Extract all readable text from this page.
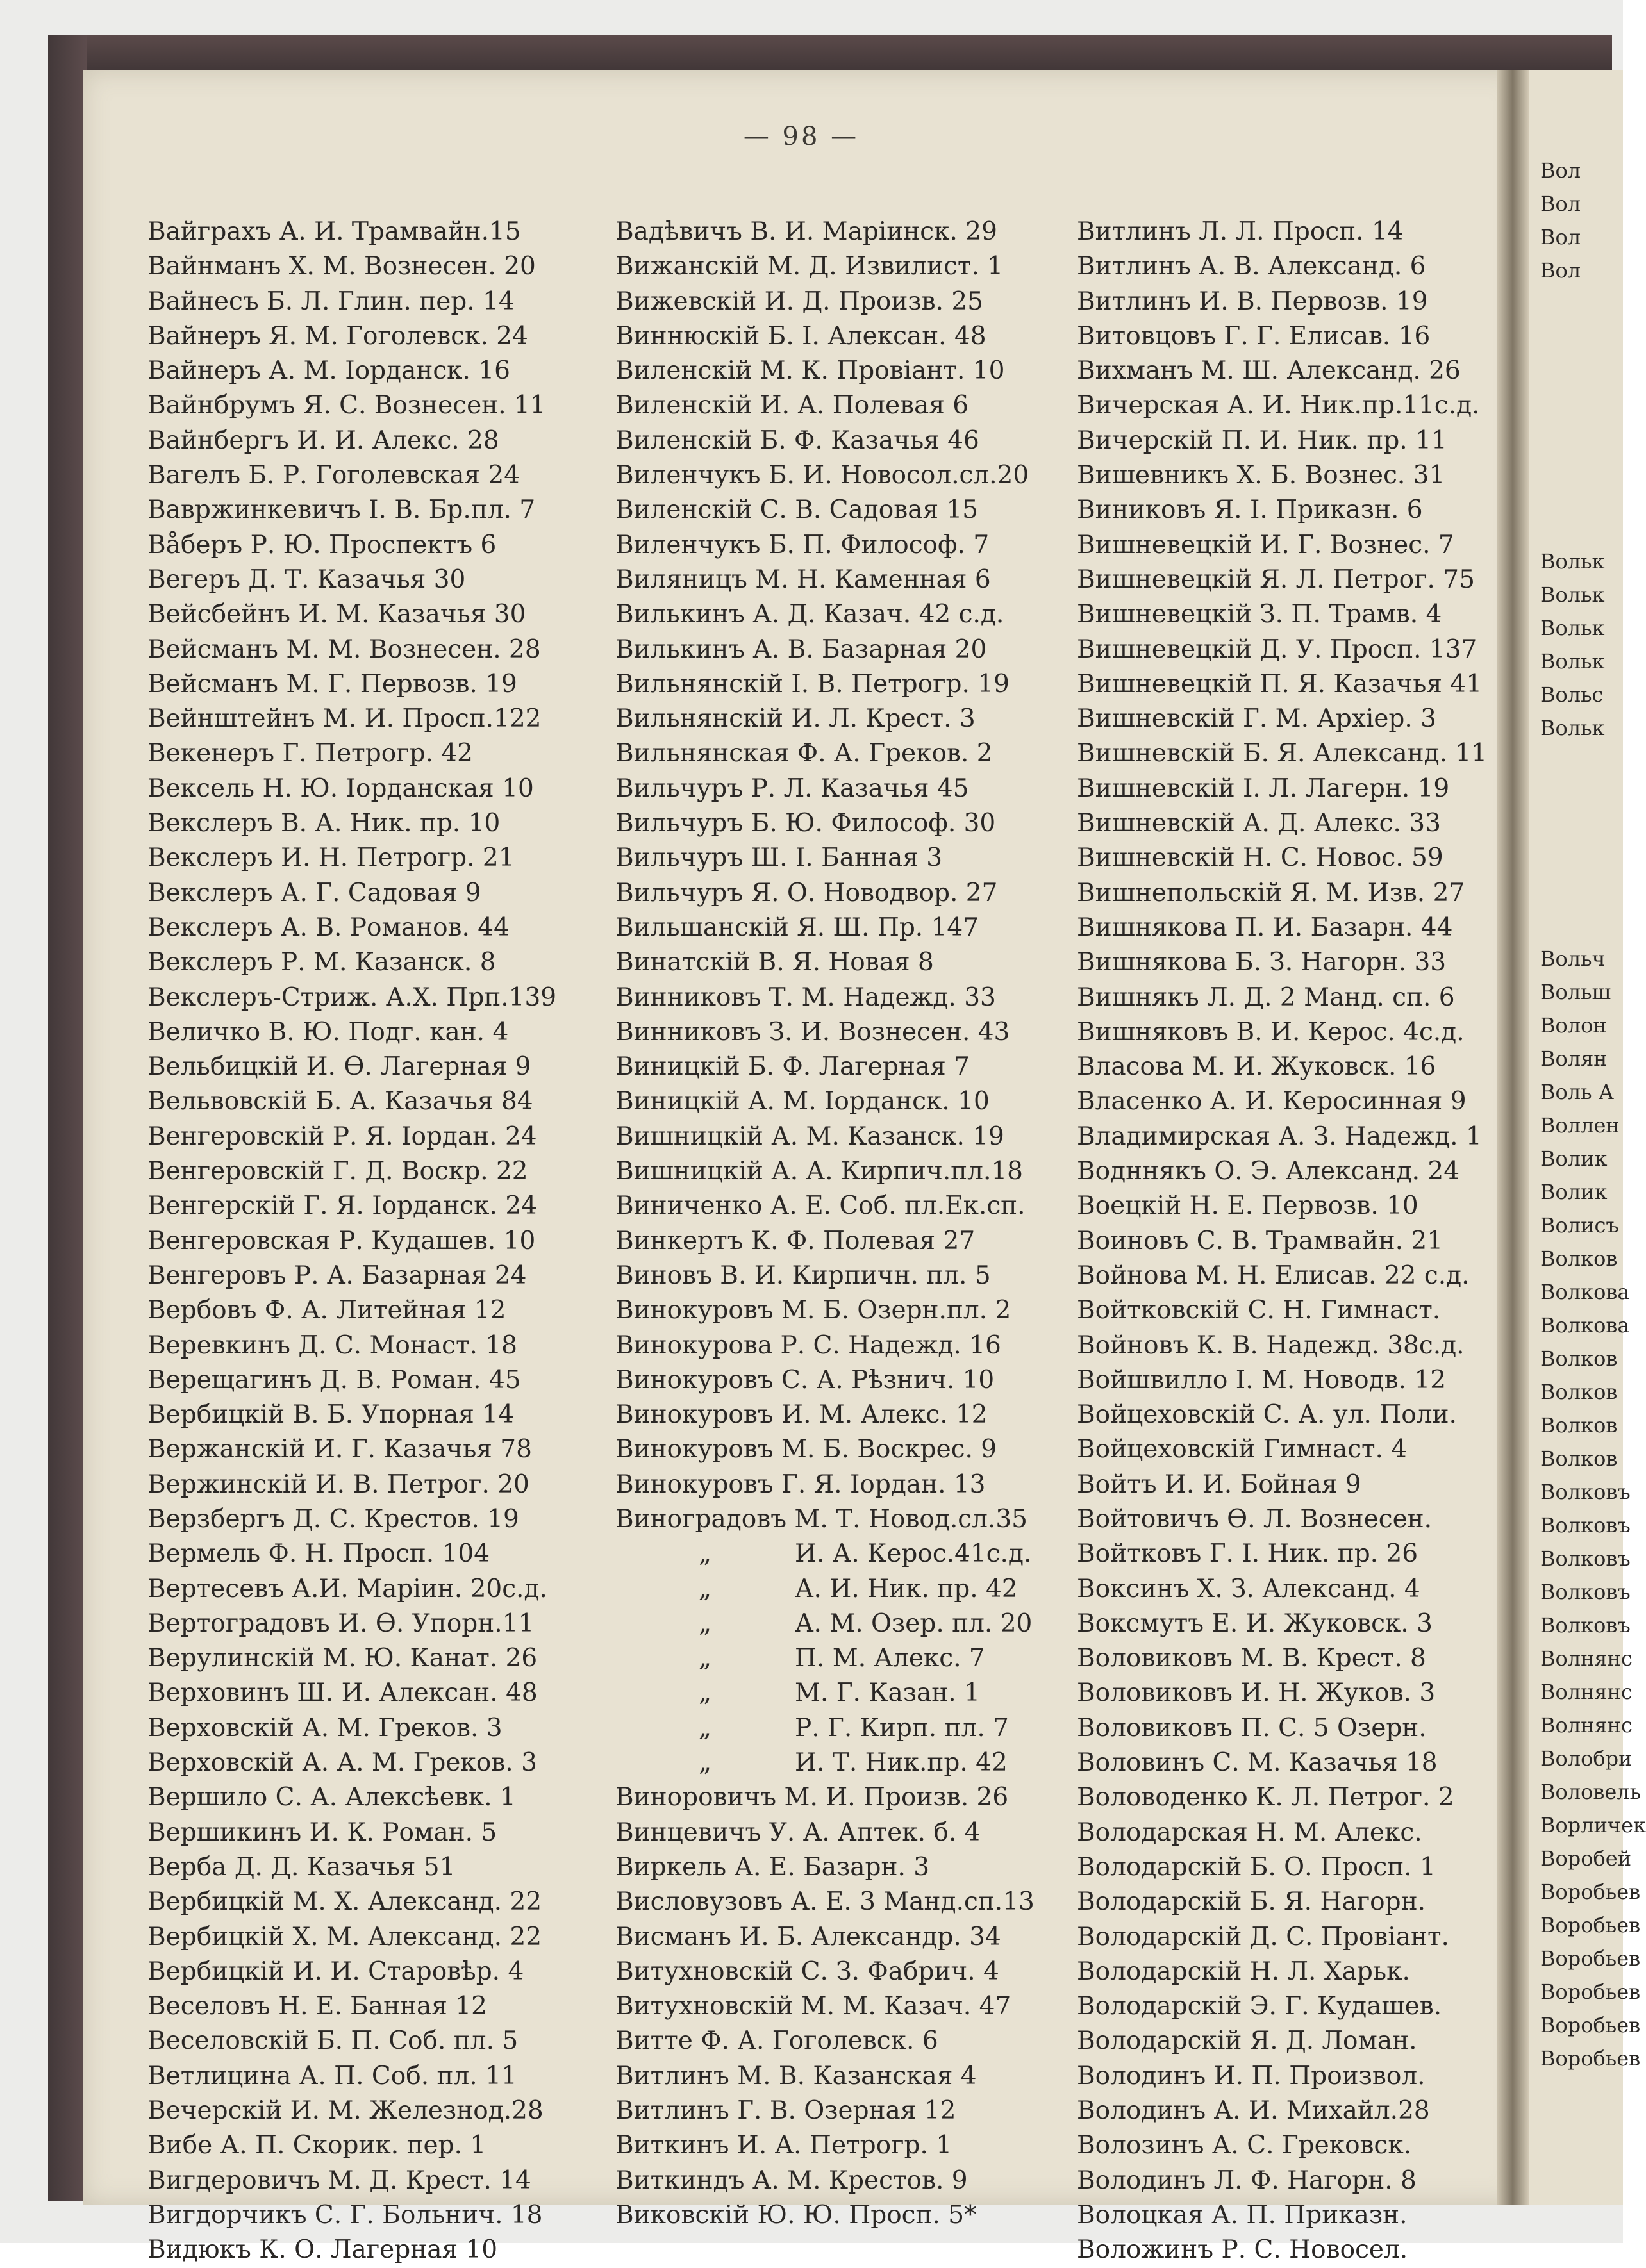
— 98 —
Вайграхъ А. И. Трамвайн.15
Вайнманъ Х. М. Вознесен. 20
Вайнесъ Б. Л. Глин. пер. 14
Вайнеръ Я. М. Гоголевск. 24
Вайнеръ А. М. Іорданск. 16
Вайнбрумъ Я. С. Вознесен. 11
Вайнбергъ И. И. Алекс. 28
Вагелъ Б. Р. Гоголевская 24
Вавржинкевичъ І. В. Бр.пл. 7
Вåберъ Р. Ю. Проспектъ 6
Вегеръ Д. Т. Казачья 30
Вейсбейнъ И. М. Казачья 30
Вейсманъ М. М. Вознесен. 28
Вейсманъ М. Г. Первозв. 19
Вейнштейнъ М. И. Просп.122
Векенеръ Г. Петрогр. 42
Вексель Н. Ю. Іорданская 10
Векслеръ В. А. Ник. пр. 10
Векслеръ И. Н. Петрогр. 21
Векслеръ А. Г. Садовая 9
Векслеръ А. В. Романов. 44
Векслеръ Р. М. Казанск. 8
Векслеръ-Стриж. А.Х. Прп.139
Величко В. Ю. Подг. кан. 4
Вельбицкій И. Ө. Лагерная 9
Вельвовскій Б. А. Казачья 84
Венгеровскій Р. Я. Іордан. 24
Венгеровскій Г. Д. Воскр. 22
Венгерскій Г. Я. Іорданск. 24
Венгеровская Р. Кудашев. 10
Венгеровъ Р. А. Базарная 24
Вербовъ Ф. А. Литейная 12
Веревкинъ Д. С. Монаст. 18
Верещагинъ Д. В. Роман. 45
Вербицкій В. Б. Упорная 14
Вержанскій И. Г. Казачья 78
Вержинскій И. В. Петрог. 20
Верзбергъ Д. С. Крестов. 19
Вермель Ф. Н. Просп. 104
Вертесевъ А.И. Маріин. 20с.д.
Вертоградовъ И. Ө. Упорн.11
Верулинскій М. Ю. Канат. 26
Верховинъ Ш. И. Алексан. 48
Верховскій А. М. Греков. 3
Верховскій А. А. М. Греков. 3
Вершило С. А. Алексѣевк. 1
Вершикинъ И. К. Роман. 5
Верба Д. Д. Казачья 51
Вербицкій М. Х. Александ. 22
Вербицкій Х. М. Александ. 22
Вербицкій И. И. Старовѣр. 4
Веселовъ Н. Е. Банная 12
Веселовскій Б. П. Соб. пл. 5
Ветлицина А. П. Соб. пл. 11
Вечерскій И. М. Железнод.28
Вибе А. П. Скорик. пер. 1
Вигдеровичъ М. Д. Крест. 14
Вигдорчикъ С. Г. Больнич. 18
Видюкъ К. О. Лагерная 10
Вадѣвичъ В. И. Маріинск. 29
Вижанскій М. Д. Извилист. 1
Вижевскій И. Д. Произв. 25
Виннюскій Б. І. Алексан. 48
Виленскій М. К. Провіант. 10
Виленскій И. А. Полевая 6
Виленскій Б. Ф. Казачья 46
Виленчукъ Б. И. Новосол.сл.20
Виленскій С. В. Садовая 15
Виленчукъ Б. П. Философ. 7
Виляницъ М. Н. Каменная 6
Вилькинъ А. Д. Казач. 42 с.д.
Вилькинъ А. В. Базарная 20
Вильнянскій І. В. Петрогр. 19
Вильнянскій И. Л. Крест. 3
Вильнянская Ф. А. Греков. 2
Вильчуръ Р. Л. Казачья 45
Вильчуръ Б. Ю. Философ. 30
Вильчуръ Ш. І. Банная 3
Вильчуръ Я. О. Новодвор. 27
Вильшанскій Я. Ш. Пр. 147
Винатскій В. Я. Новая 8
Винниковъ Т. М. Надежд. 33
Винниковъ З. И. Вознесен. 43
Виницкій Б. Ф. Лагерная 7
Виницкій А. М. Іорданск. 10
Вишницкій А. М. Казанск. 19
Вишницкій А. А. Кирпич.пл.18
Виниченко А. Е. Соб. пл.Ек.сп.
Винкертъ К. Ф. Полевая 27
Виновъ В. И. Кирпичн. пл. 5
Винокуровъ М. Б. Озерн.пл. 2
Винокурова Р. С. Надежд. 16
Винокуровъ С. А. Рѣзнич. 10
Винокуровъ И. М. Алекс. 12
Винокуровъ М. Б. Воскрес. 9
Винокуровъ Г. Я. Іордан. 13
Виноградовъ М. Т. Новод.сл.35
„	И. А. Керос.41с.д.
„	А. И. Ник. пр. 42
„	А. М. Озер. пл. 20
„	П. М. Алекс. 7
„	М. Г. Казан. 1
„	Р. Г. Кирп. пл. 7
„	И. Т. Ник.пр. 42
Виноровичъ М. И. Произв. 26
Винцевичъ У. А. Аптек. б. 4
Виркель А. Е. Базарн. 3
Висловузовъ А. Е. 3 Манд.сп.13
Висманъ И. Б. Александр. 34
Витухновскій С. З. Фабрич. 4
Витухновскій М. М. Казач. 47
Витте Ф. А. Гоголевск. 6
Витлинъ М. В. Казанская 4
Витлинъ Г. В. Озерная 12
Виткинъ И. А. Петрогр. 1
Виткиндъ А. М. Крестов. 9
Виковскій Ю. Ю. Просп. 5*
Витлинъ Л. Л. Просп. 14
Витлинъ А. В. Александ. 6
Витлинъ И. В. Первозв. 19
Витовцовъ Г. Г. Елисав. 16
Вихманъ М. Ш. Александ. 26
Вичерская А. И. Ник.пр.11с.д.
Вичерскій П. И. Ник. пр. 11
Вишевникъ Х. Б. Вознес. 31
Виниковъ Я. І. Приказн. 6
Вишневецкій И. Г. Вознес. 7
Вишневецкій Я. Л. Петрог. 75
Вишневецкій З. П. Трамв. 4
Вишневецкій Д. У. Просп. 137
Вишневецкій П. Я. Казачья 41
Вишневскій Г. М. Архіер. 3
Вишневскій Б. Я. Александ. 11
Вишневскій І. Л. Лагерн. 19
Вишневскій А. Д. Алекс. 33
Вишневскій Н. С. Новос. 59
Вишнепольскій Я. М. Изв. 27
Вишнякова П. И. Базарн. 44
Вишнякова Б. З. Нагорн. 33
Вишнякъ Л. Д. 2 Манд. сп. 6
Вишняковъ В. И. Керос. 4с.д.
Власова М. И. Жуковск. 16
Власенко А. И. Керосинная 9
Владимирская А. З. Надежд. 1
Водннякъ О. Э. Александ. 24
Воецкій Н. Е. Первозв. 10
Воиновъ С. В. Трамвайн. 21
Войнова М. Н. Елисав. 22 с.д.
Войтковскій С. Н. Гимнаст.
Войновъ К. В. Надежд. 38с.д.
Войшвилло І. М. Новодв. 12
Войцеховскій С. А. ул. Поли.
Войцеховскій Гимнаст. 4
Войтъ И. И. Бойная 9
Войтовичъ Ө. Л. Вознесен.
Войтковъ Г. І. Ник. пр. 26
Воксинъ Х. З. Александ. 4
Воксмутъ Е. И. Жуковск. 3
Воловиковъ М. В. Крест. 8
Воловиковъ И. Н. Жуков. 3
Воловиковъ П. С. 5 Озерн.
Воловинъ С. М. Казачья 18
Воловоденко К. Л. Петрог. 2
Володарская Н. М. Алекс.
Володарскій Б. О. Просп. 1
Володарскій Б. Я. Нагорн.
Володарскій Д. С. Провіант.
Володарскій Н. Л. Харьк.
Володарскій Э. Г. Кудашев.
Володарскій Я. Д. Ломан.
Володинъ И. П. Произвол.
Володинъ А. И. Михайл.28
Волозинъ А. С. Грековск.
Володинъ Л. Ф. Нагорн. 8
Волоцкая А. П. Приказн.
Воложинъ Р. С. Новосел.
Вол
Вол
Вол
Вол
Вольк
Вольк
Вольк
Вольк
Вольс
Вольк
Вольч
Вольш
Волон
Волян
Воль А
Воллен
Волик
Волик
Волисъ
Волков
Волкова
Волкова
Волков
Волков
Волков
Волков
Волковъ
Волковъ
Волковъ
Волковъ
Волковъ
Волнянс
Волнянс
Волнянс
Волобри
Воловель
Ворличек
Воробей
Воробьев
Воробьев
Воробьев
Воробьев
Воробьев
Воробьев
